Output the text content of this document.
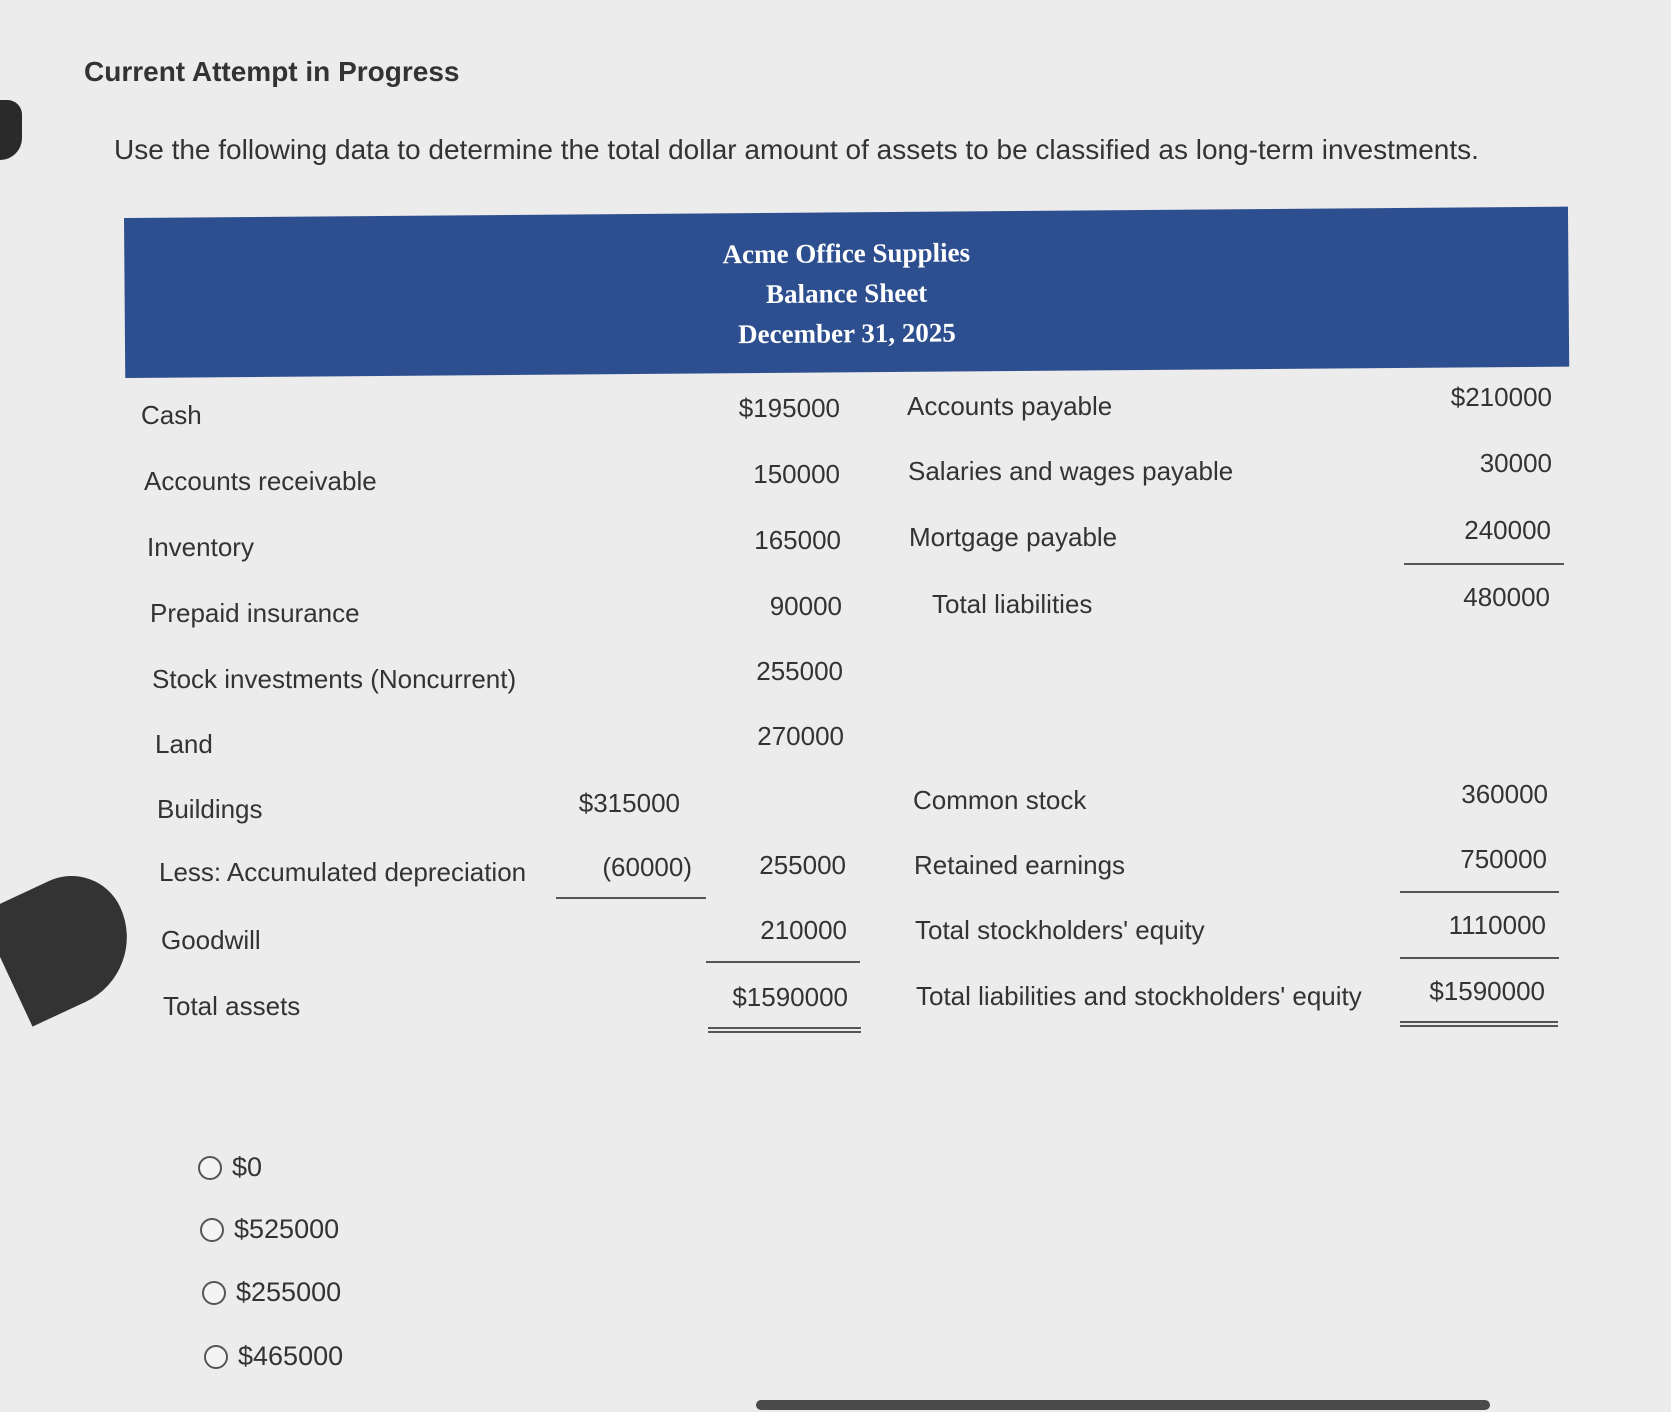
Current Attempt in Progress
Use the following data to determine the total dollar amount of assets to be classified as long-term investments.
Acme Office Supplies
Balance Sheet
December 31, 2025
Cash
Accounts receivable
Inventory
Prepaid insurance
Stock investments (Noncurrent)
Land
Buildings
Less: Accumulated depreciation
Goodwill
Total assets
$315000
(60000)
$195000
150000
165000
90000
255000
270000
255000
210000
$1590000
Accounts payable
Salaries and wages payable
Mortgage payable
Total liabilities
$210000
30000
240000
480000
Common stock
Retained earnings
Total stockholders' equity
Total liabilities and stockholders' equity
360000
750000
1110000
$1590000
$0
$525000
$255000
$465000
